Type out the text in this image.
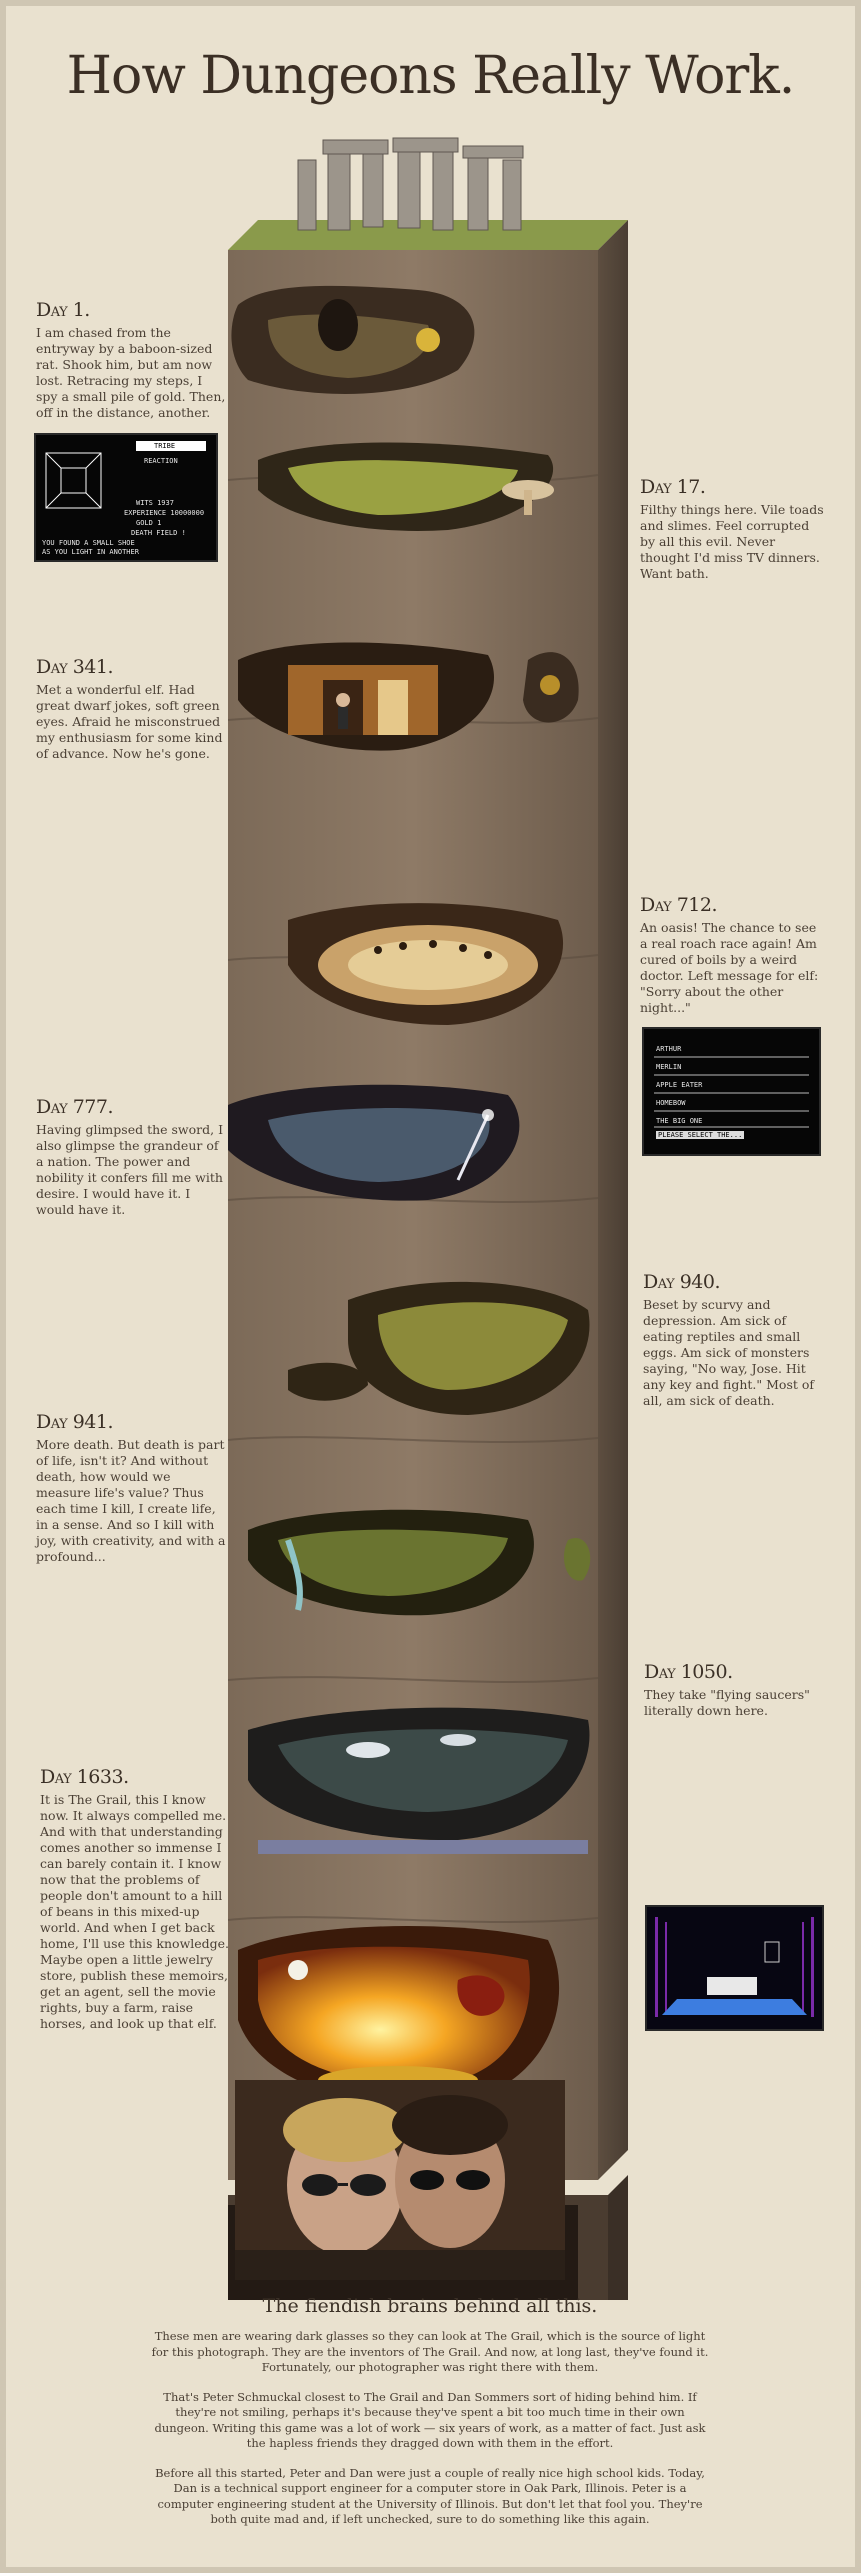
How Dungeons Really Work.
Day 1.

I am chased from the entryway by a baboon-sized rat. Shook him, but am now lost. Retracing my steps, I spy a small pile of gold. Then, off in the distance, another.

TRIBE
REACTION
WITS 1937
EXPERIENCE 10000000
GOLD 1
DEATH FIELD !
YOU FOUND A SMALL SHOE
AS YOU LIGHT IN ANOTHER
Day 341.

Met a wonderful elf. Had great dwarf jokes, soft green eyes. Afraid he misconstrued my enthusiasm for some kind of advance. Now he's gone.

Day 777.

Having glimpsed the sword, I also glimpse the grandeur of a nation. The power and nobility it confers fill me with desire. I would have it. I would have it.

Day 941.

More death. But death is part of life, isn't it? And without death, how would we measure life's value? Thus each time I kill, I create life, in a sense. And so I kill with joy, with creativity, and with a profound...

Day 1633.

It is The Grail, this I know now. It always compelled me. And with that understanding comes another so immense I can barely contain it. I know now that the problems of people don't amount to a hill of beans in this mixed-up world. And when I get back home, I'll use this knowledge. Maybe open a little jewelry store, publish these memoirs, get an agent, sell the movie rights, buy a farm, raise horses, and look up that elf.

Day 17.

Filthy things here. Vile toads and slimes. Feel corrupted by all this evil. Never thought I'd miss TV dinners. Want bath.

Day 712.

An oasis! The chance to see a real roach race again! Am cured of boils by a weird doctor. Left message for elf: "Sorry about the other night..."

ARTHUR
MERLIN
APPLE EATER
HOMEBOW
THE BIG ONE
PLEASE SELECT THE...
Day 940.

Beset by scurvy and depression. Am sick of eating reptiles and small eggs. Am sick of monsters saying, "No way, Jose. Hit any key and fight." Most of all, am sick of death.

Day 1050.

They take "flying saucers" literally down here.

The fiendish brains behind all this.

These men are wearing dark glasses so they can look at The Grail, which is the source of light for this photograph. They are the inventors of The Grail. And now, at long last, they've found it. Fortunately, our photographer was right there with them.

That's Peter Schmuckal closest to The Grail and Dan Sommers sort of hiding behind him. If they're not smiling, perhaps it's because they've spent a bit too much time in their own dungeon. Writing this game was a lot of work — six years of work, as a matter of fact. Just ask the hapless friends they dragged down with them in the effort.

Before all this started, Peter and Dan were just a couple of really nice high school kids. Today, Dan is a technical support engineer for a computer store in Oak Park, Illinois. Peter is a computer engineering student at the University of Illinois. But don't let that fool you. They're both quite mad and, if left unchecked, sure to do something like this again.
